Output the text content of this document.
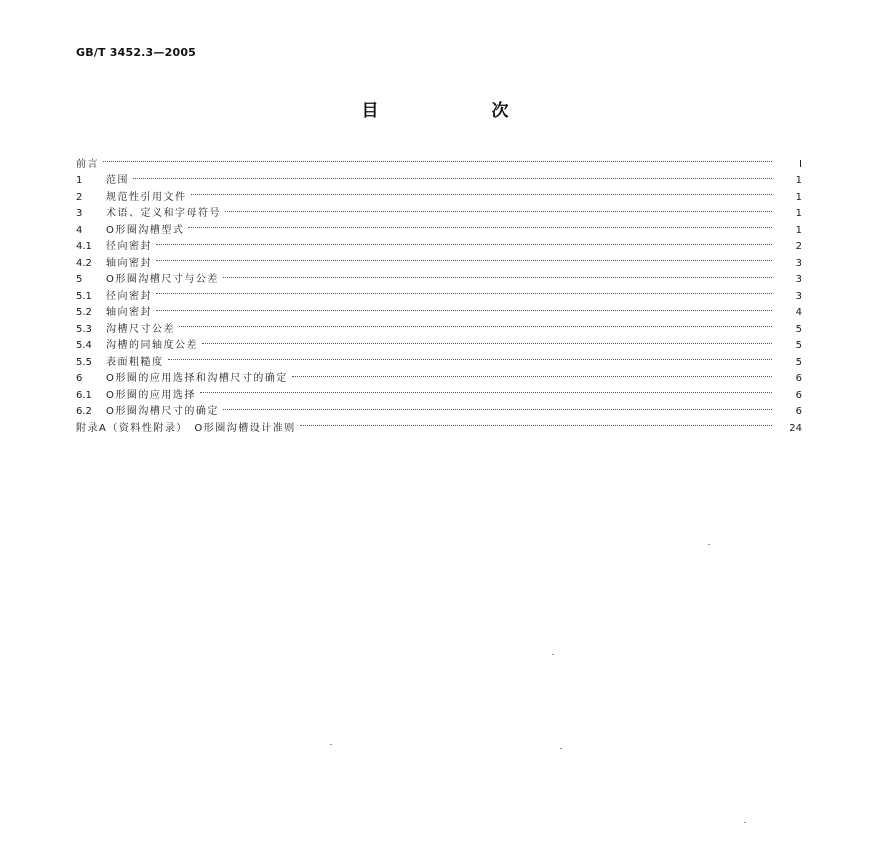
GB/T 3452.3—2005
目　次
前言	I
1	范围	1
2	规范性引用文件	1
3	术语、定义和字母符号	1
4	O形圈沟槽型式	1
4.1	径向密封	2
4.2	轴向密封	3
5	O形圈沟槽尺寸与公差	3
5.1	径向密封	3
5.2	轴向密封	4
5.3	沟槽尺寸公差	5
5.4	沟槽的同轴度公差	5
5.5	表面粗糙度	5
6	O形圈的应用选择和沟槽尺寸的确定	6
6.1	O形圈的应用选择	6
6.2	O形圈沟槽尺寸的确定	6
附录A（资料性附录）　O形圈沟槽设计准则	24
